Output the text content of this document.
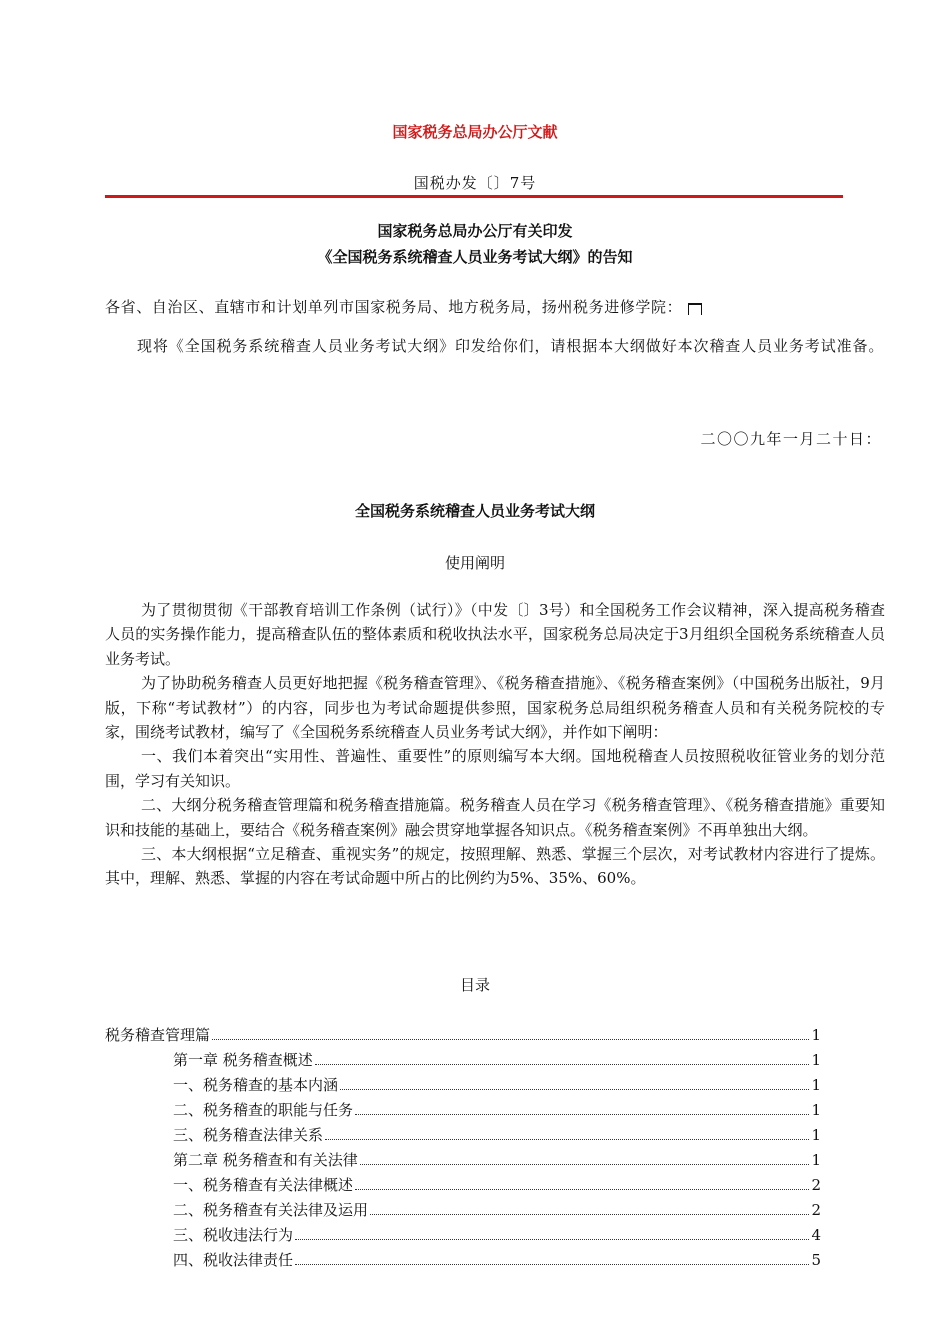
国家税务总局办公厅文献
国税办发〔〕7号
国家税务总局办公厅有关印发
《全国税务系统稽查人员业务考试大纲》的告知
各省、自治区、直辖市和计划单列市国家税务局、地方税务局，扬州税务进修学院：
现将《全国税务系统稽查人员业务考试大纲》印发给你们，请根据本大纲做好本次稽查人员业务考试准备。
二〇〇九年一月二十日：
全国税务系统稽查人员业务考试大纲
使用阐明

为了贯彻贯彻《干部教育培训工作条例（试行）》（中发〔〕3号）和全国税务工作会议精神，深入提高税务稽查人员的实务操作能力，提高稽查队伍的整体素质和税收执法水平，国家税务总局决定于3月组织全国税务系统稽查人员业务考试。

为了协助税务稽查人员更好地把握《税务稽查管理》、《税务稽查措施》、《税务稽查案例》（中国税务出版社，9月版，下称“考试教材”）的内容，同步也为考试命题提供参照，国家税务总局组织税务稽查人员和有关税务院校的专家，围绕考试教材，编写了《全国税务系统稽查人员业务考试大纲》，并作如下阐明：

一、我们本着突出“实用性、普遍性、重要性”的原则编写本大纲。国地税稽查人员按照税收征管业务的划分范围，学习有关知识。

二、大纲分税务稽查管理篇和税务稽查措施篇。税务稽查人员在学习《税务稽查管理》、《税务稽查措施》重要知识和技能的基础上，要结合《税务稽查案例》融会贯穿地掌握各知识点。《税务稽查案例》不再单独出大纲。

三、本大纲根据“立足稽查、重视实务”的规定，按照理解、熟悉、掌握三个层次，对考试教材内容进行了提炼。其中，理解、熟悉、掌握的内容在考试命题中所占的比例约为5%、35%、60%。

目录
税务稽查管理篇	1
第一章 税务稽查概述	1
一、税务稽查的基本内涵	1
二、税务稽查的职能与任务	1
三、税务稽查法律关系	1
第二章 税务稽查和有关法律	1
一、税务稽查有关法律概述	2
二、税务稽查有关法律及运用	2
三、税收违法行为	4
四、税收法律责任	5
